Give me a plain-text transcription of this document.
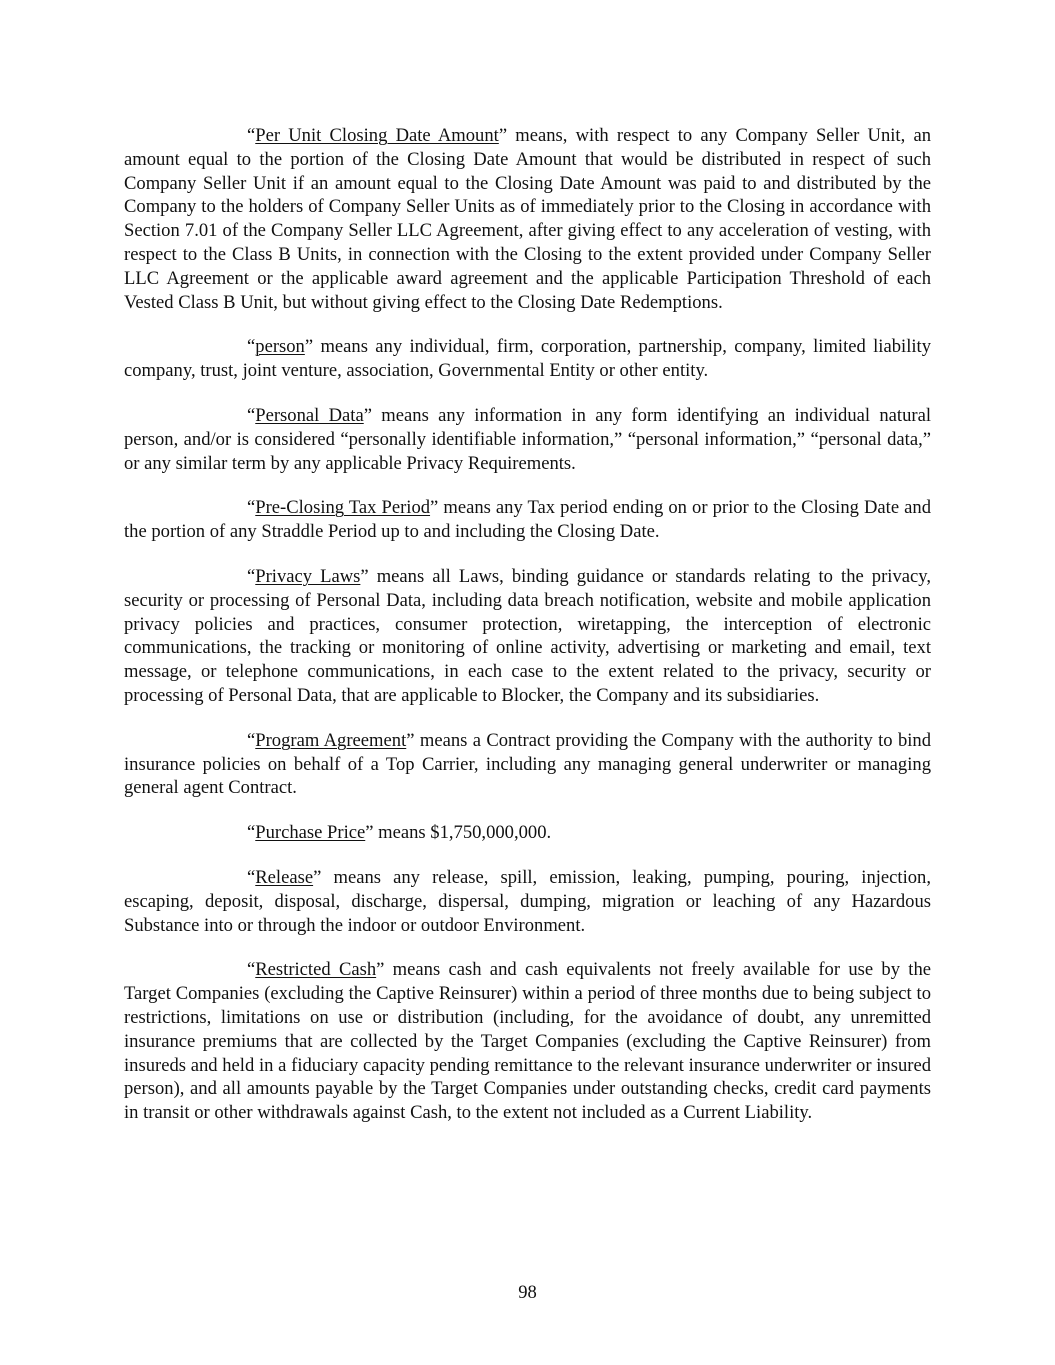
“Per Unit Closing Date Amount” means, with respect to any Company Seller Unit, an amount equal to the portion of the Closing Date Amount that would be distributed in respect of such Company Seller Unit if an amount equal to the Closing Date Amount was paid to and distributed by the Company to the holders of Company Seller Units as of immediately prior to the Closing in accordance with Section 7.01 of the Company Seller LLC Agreement, after giving effect to any acceleration of vesting, with respect to the Class B Units, in connection with the Closing to the extent provided under Company Seller LLC Agreement or the applicable award agreement and the applicable Participation Threshold of each Vested Class B Unit, but without giving effect to the Closing Date Redemptions.

“person” means any individual, firm, corporation, partnership, company, limited liability company, trust, joint venture, association, Governmental Entity or other entity.

“Personal Data” means any information in any form identifying an individual natural person, and/or is considered “personally identifiable information,” “personal information,” “personal data,” or any similar term by any applicable Privacy Requirements.

“Pre-Closing Tax Period” means any Tax period ending on or prior to the Closing Date and the portion of any Straddle Period up to and including the Closing Date.

“Privacy Laws” means all Laws, binding guidance or standards relating to the privacy, security or processing of Personal Data, including data breach notification, website and mobile application privacy policies and practices, consumer protection, wiretapping, the interception of electronic communications, the tracking or monitoring of online activity, advertising or marketing and email, text message, or telephone communications, in each case to the extent related to the privacy, security or processing of Personal Data, that are applicable to Blocker, the Company and its subsidiaries.

“Program Agreement” means a Contract providing the Company with the authority to bind insurance policies on behalf of a Top Carrier, including any managing general underwriter or managing general agent Contract.

“Purchase Price” means $1,750,000,000.

“Release” means any release, spill, emission, leaking, pumping, pouring, injection, escaping, deposit, disposal, discharge, dispersal, dumping, migration or leaching of any Hazardous Substance into or through the indoor or outdoor Environment.

“Restricted Cash” means cash and cash equivalents not freely available for use by the Target Companies (excluding the Captive Reinsurer) within a period of three months due to being subject to restrictions, limitations on use or distribution (including, for the avoidance of doubt, any unremitted insurance premiums that are collected by the Target Companies (excluding the Captive Reinsurer) from insureds and held in a fiduciary capacity pending remittance to the relevant insurance underwriter or insured person), and all amounts payable by the Target Companies under outstanding checks, credit card payments in transit or other withdrawals against Cash, to the extent not included as a Current Liability.

98
